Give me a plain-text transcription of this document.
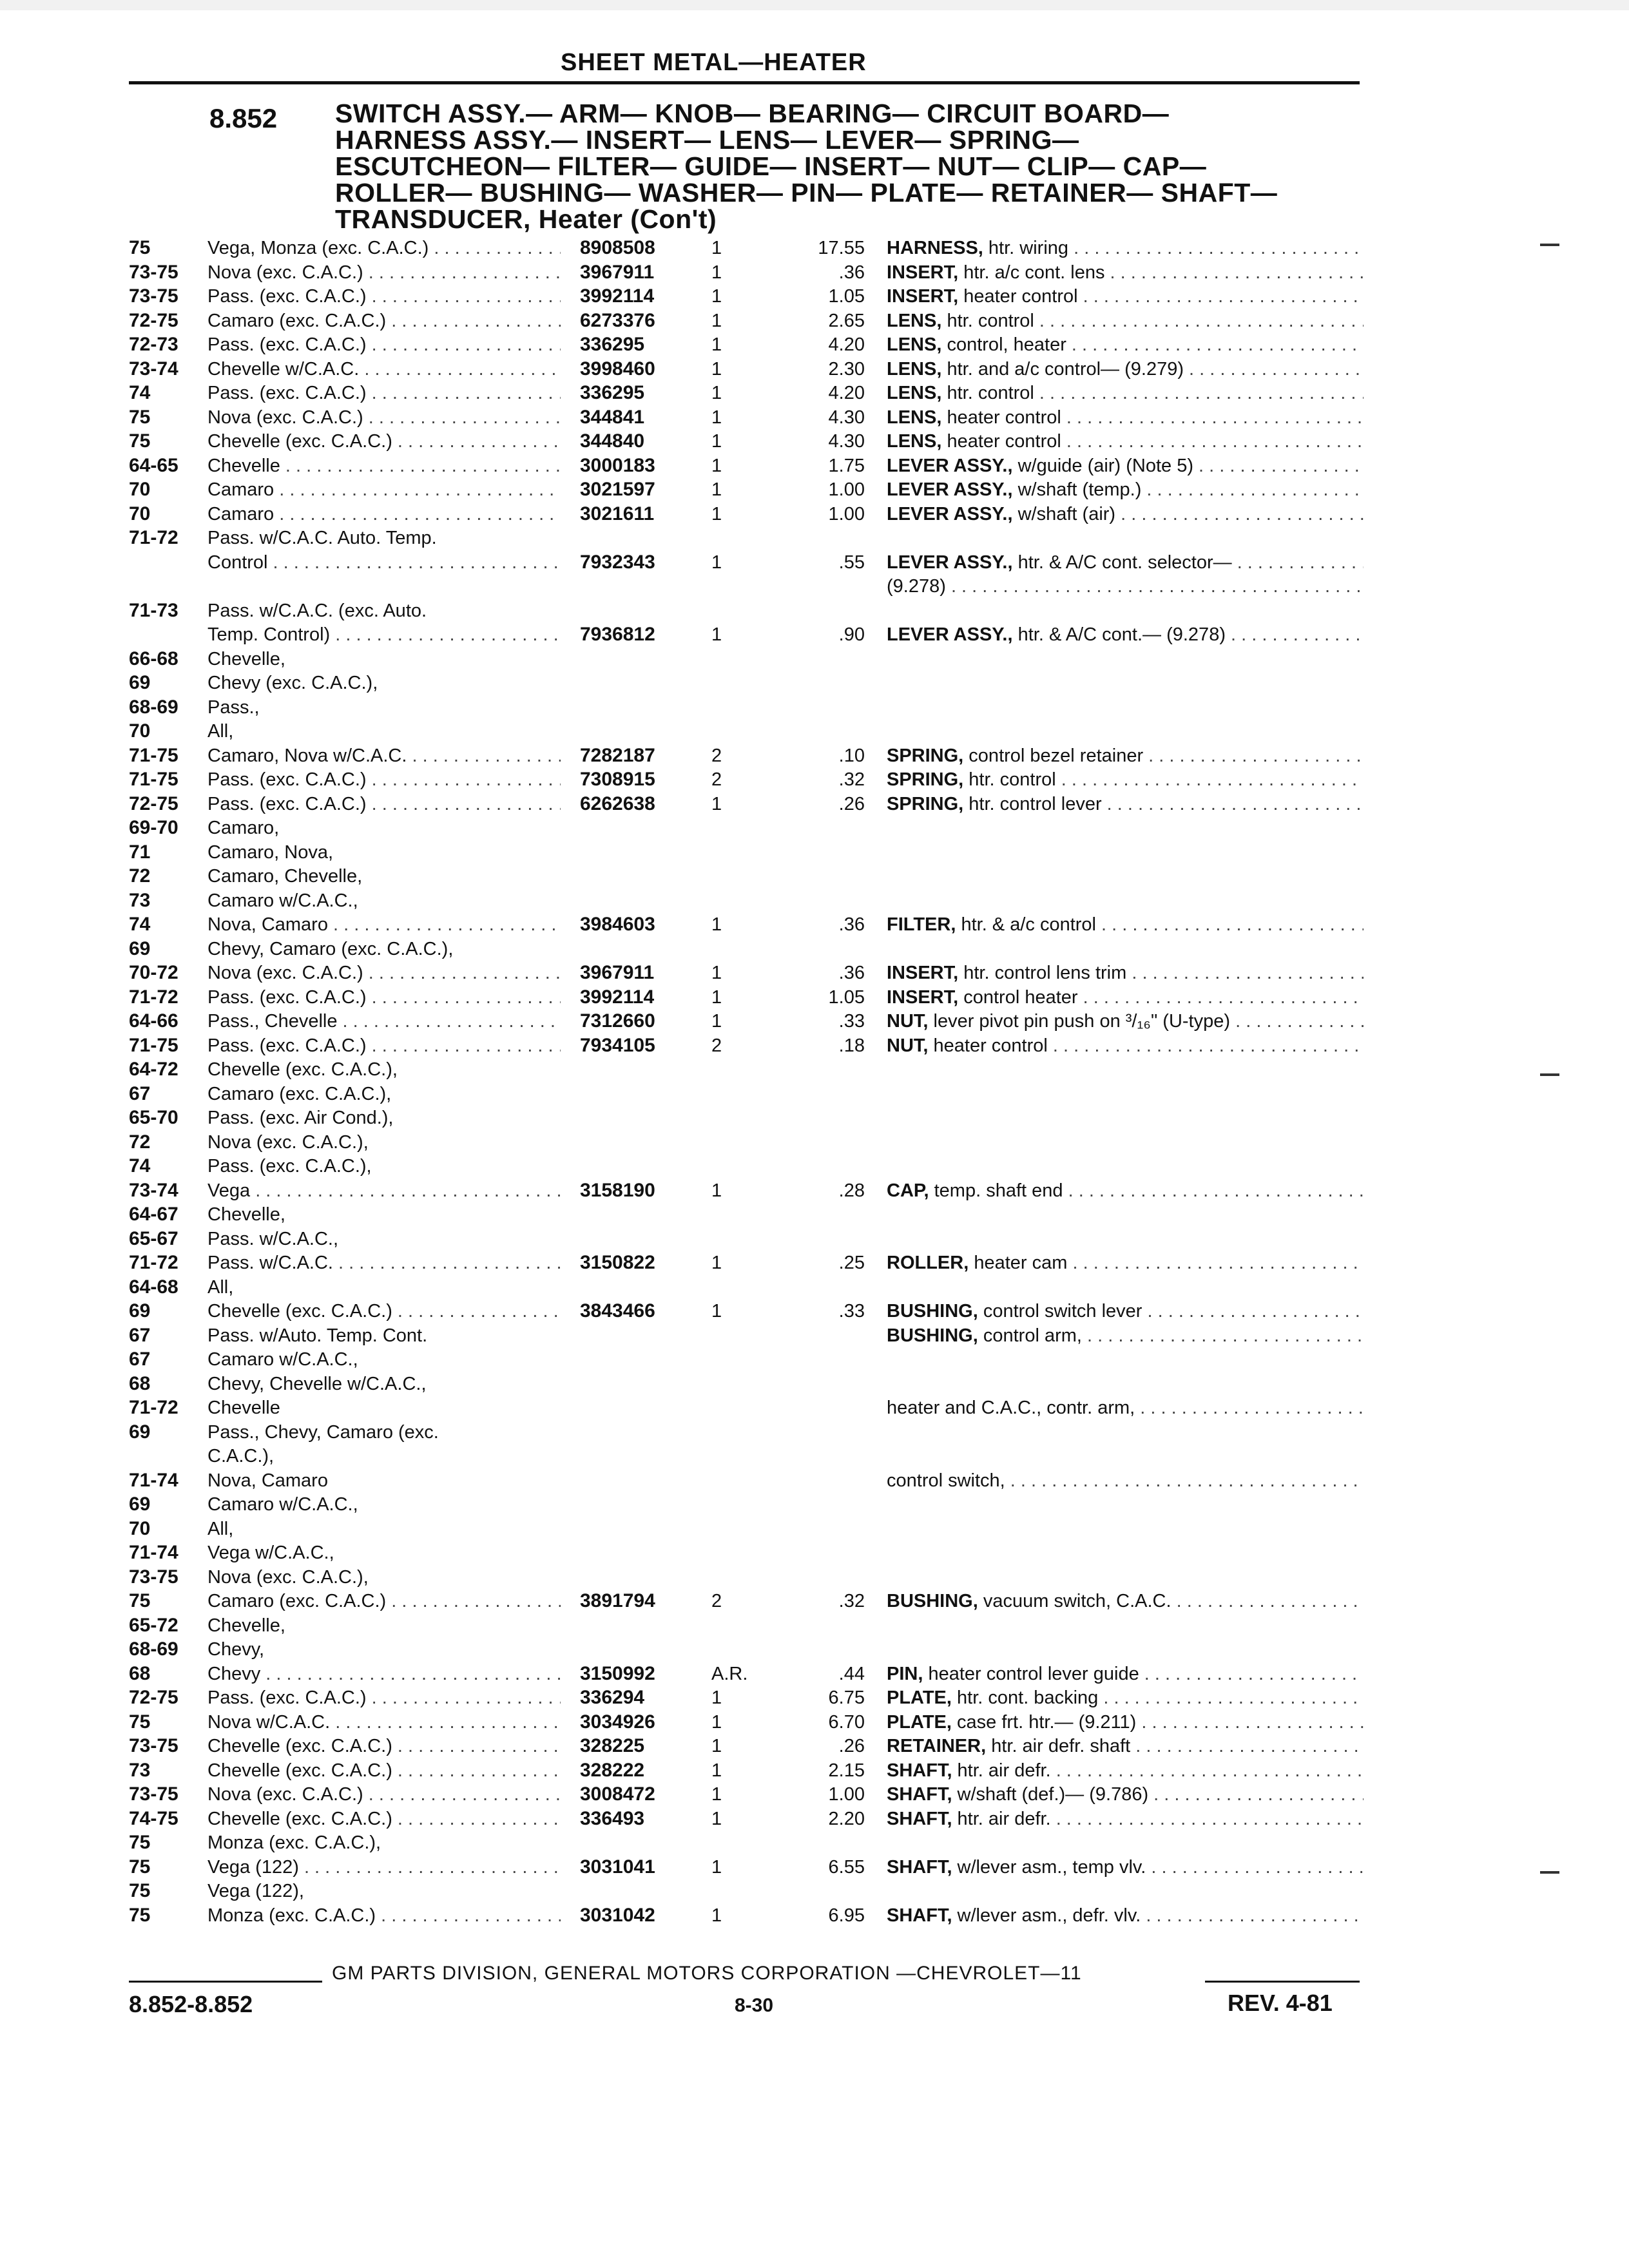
SHEET METAL—HEATER
8.852 SWITCH ASSY.— ARM— KNOB— BEARING— CIRCUIT BOARD—
HARNESS ASSY.— INSERT— LENS— LEVER— SPRING—
ESCUTCHEON— FILTER— GUIDE— INSERT— NUT— CLIP— CAP—
ROLLER— BUSHING— WASHER— PIN— PLATE— RETAINER— SHAFT—
TRANSDUCER, Heater (Con't)
75	Vega, Monza (exc. C.A.C.) . . .	8908508	1	17.55 HARNESS, htr. wiring . . .
73-75	Nova (exc. C.A.C.) . . .	3967911	1	.36 INSERT, htr. a/c cont. lens . . .
73-75	Pass. (exc. C.A.C.) . . .	3992114	1	1.05 INSERT, heater control . . .
72-75	Camaro (exc. C.A.C.) . . .	6273376	1	2.65 LENS, htr. control . . .
72-73	Pass. (exc. C.A.C.) . . .	336295	1	4.20 LENS, control, heater . . .
73-74	Chevelle w/C.A.C. . . .	3998460	1	2.30 LENS, htr. and a/c control— (9.279) . . .
74	Pass. (exc. C.A.C.) . . .	336295	1	4.20 LENS, htr. control . . .
75	Nova (exc. C.A.C.) . . .	344841	1	4.30 LENS, heater control . . .
75	Chevelle (exc. C.A.C.) . . .	344840	1	4.30 LENS, heater control . . .
64-65	Chevelle . . .	3000183	1	1.75 LEVER ASSY., w/guide (air) (Note 5) . . .
70	Camaro . . .	3021597	1	1.00 LEVER ASSY., w/shaft (temp.) . . .
70	Camaro . . .	3021611	1	1.00 LEVER ASSY., w/shaft (air) . . .
71-72	Pass. w/C.A.C. Auto. Temp.
Control . . .	7932343	1	.55 LEVER ASSY., htr. & A/C cont. selector— . . .
(9.278) . . .
71-73	Pass. w/C.A.C. (exc. Auto.
Temp. Control) . . .	7936812	1	.90 LEVER ASSY., htr. & A/C cont.— (9.278) . . .
66-68	Chevelle,
69	Chevy (exc. C.A.C.),
68-69	Pass.,
70	All,
71-75	Camaro, Nova w/C.A.C. . . .	7282187	2	.10 SPRING, control bezel retainer . . .
71-75	Pass. (exc. C.A.C.) . . .	7308915	2	.32 SPRING, htr. control . . .
72-75	Pass. (exc. C.A.C.) . . .	6262638	1	.26 SPRING, htr. control lever . . .
69-70	Camaro,
71	Camaro, Nova,
72	Camaro, Chevelle,
73	Camaro w/C.A.C.,
74	Nova, Camaro . . .	3984603	1	.36 FILTER, htr. & a/c control . . .
69	Chevy, Camaro (exc. C.A.C.),
70-72	Nova (exc. C.A.C.) . . .	3967911	1	.36 INSERT, htr. control lens trim . . .
71-72	Pass. (exc. C.A.C.) . . .	3992114	1	1.05 INSERT, control heater . . .
64-66	Pass., Chevelle . . .	7312660	1	.33 NUT, lever pivot pin push on ³/₁₆" (U-type) . . .
71-75	Pass. (exc. C.A.C.) . . .	7934105	2	.18 NUT, heater control . . .
64-72	Chevelle (exc. C.A.C.),
67	Camaro (exc. C.A.C.),
65-70	Pass. (exc. Air Cond.),
72	Nova (exc. C.A.C.),
74	Pass. (exc. C.A.C.),
73-74	Vega . . .	3158190	1	.28 CAP, temp. shaft end . . .
64-67	Chevelle,
65-67	Pass. w/C.A.C.,
71-72	Pass. w/C.A.C. . . .	3150822	1	.25 ROLLER, heater cam . . .
64-68	All,
69	Chevelle (exc. C.A.C.) . . .	3843466	1	.33 BUSHING, control switch lever . . .
67	Pass. w/Auto. Temp. Cont.	BUSHING, control arm, . . .
67	Camaro w/C.A.C.,
68	Chevy, Chevelle w/C.A.C.,
71-72	Chevelle	heater and C.A.C., contr. arm, . . .
69	Pass., Chevy, Camaro (exc.
C.A.C.),
71-74	Nova, Camaro	control switch, . . .
69	Camaro w/C.A.C.,
70	All,
71-74	Vega w/C.A.C.,
73-75	Nova (exc. C.A.C.),
75	Camaro (exc. C.A.C.) . . .	3891794	2	.32 BUSHING, vacuum switch, C.A.C. . . .
65-72	Chevelle,
68-69	Chevy,
68	Chevy . . .	3150992	A.R.	.44 PIN, heater control lever guide . . .
72-75	Pass. (exc. C.A.C.) . . .	336294	1	6.75 PLATE, htr. cont. backing . . .
75	Nova w/C.A.C. . . .	3034926	1	6.70 PLATE, case frt. htr.— (9.211) . . .
73-75	Chevelle (exc. C.A.C.) . . .	328225	1	.26 RETAINER, htr. air defr. shaft . . .
73	Chevelle (exc. C.A.C.) . . .	328222	1	2.15 SHAFT, htr. air defr. . . .
73-75	Nova (exc. C.A.C.) . . .	3008472	1	1.00 SHAFT, w/shaft (def.)— (9.786) . . .
74-75	Chevelle (exc. C.A.C.) . . .	336493	1	2.20 SHAFT, htr. air defr. . . .
75	Monza (exc. C.A.C.),
75	Vega (122) . . .	3031041	1	6.55 SHAFT, w/lever asm., temp vlv. . . .
75	Vega (122),
75	Monza (exc. C.A.C.) . . .	3031042	1	6.95 SHAFT, w/lever asm., defr. vlv. . . .
GM PARTS DIVISION, GENERAL MOTORS CORPORATION —CHEVROLET—11
8.852-8.852	8-30	REV. 4-81
